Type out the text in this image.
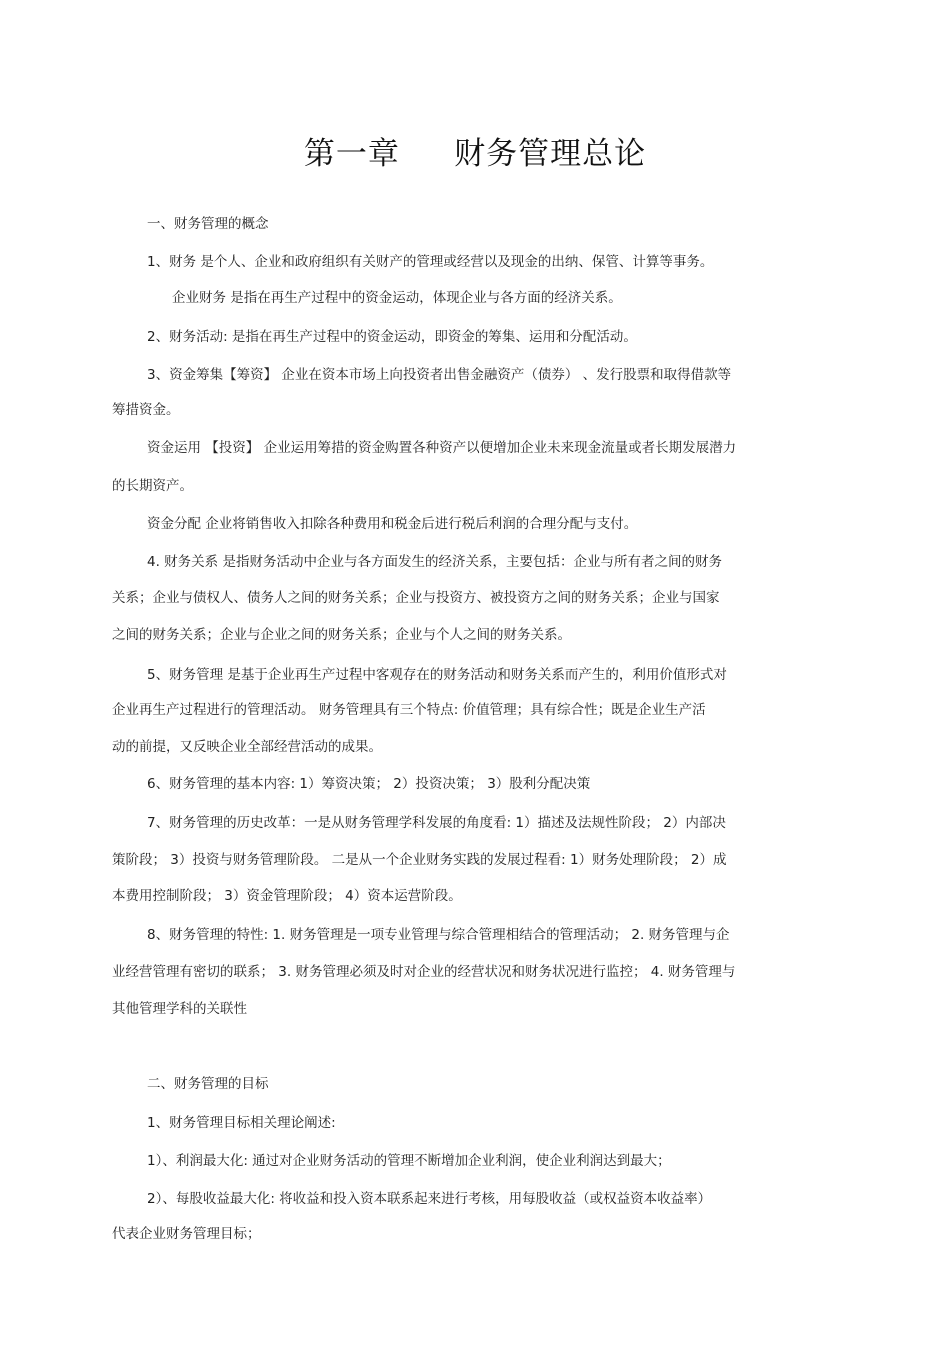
第一章     财务管理总论
一、财务管理的概念
1、财务 是个人、企业和政府组织有关财产的管理或经营以及现金的出纳、保管、计算等事务。
企业财务 是指在再生产过程中的资金运动，体现企业与各方面的经济关系。
2、财务活动: 是指在再生产过程中的资金运动，即资金的筹集、运用和分配活动。
3、资金筹集【筹资】 企业在资本市场上向投资者出售金融资产（债券） 、发行股票和取得借款等
筹措资金。
资金运用 【投资】 企业运用筹措的资金购置各种资产以便增加企业未来现金流量或者长期发展潜力
的长期资产。
资金分配 企业将销售收入扣除各种费用和税金后进行税后利润的合理分配与支付。
4. 财务关系 是指财务活动中企业与各方面发生的经济关系，主要包括：企业与所有者之间的财务
关系；企业与债权人、债务人之间的财务关系；企业与投资方、被投资方之间的财务关系；企业与国家
之间的财务关系；企业与企业之间的财务关系；企业与个人之间的财务关系。
5、财务管理 是基于企业再生产过程中客观存在的财务活动和财务关系而产生的，利用价值形式对
企业再生产过程进行的管理活动。 财务管理具有三个特点: 价值管理；具有综合性；既是企业生产活
动的前提，又反映企业全部经营活动的成果。
6、财务管理的基本内容: 1）筹资决策； 2）投资决策； 3）股利分配决策
7、财务管理的历史改革：一是从财务管理学科发展的角度看: 1）描述及法规性阶段； 2）内部决
策阶段； 3）投资与财务管理阶段。 二是从一个企业财务实践的发展过程看: 1）财务处理阶段； 2）成
本费用控制阶段； 3）资金管理阶段； 4）资本运营阶段。
8、财务管理的特性: 1. 财务管理是一项专业管理与综合管理相结合的管理活动； 2. 财务管理与企
业经营管理有密切的联系； 3. 财务管理必须及时对企业的经营状况和财务状况进行监控； 4. 财务管理与
其他管理学科的关联性
二、财务管理的目标
1、财务管理目标相关理论阐述:
1）、利润最大化: 通过对企业财务活动的管理不断增加企业利润，使企业利润达到最大；
2）、每股收益最大化: 将收益和投入资本联系起来进行考核，用每股收益（或权益资本收益率）
代表企业财务管理目标；
